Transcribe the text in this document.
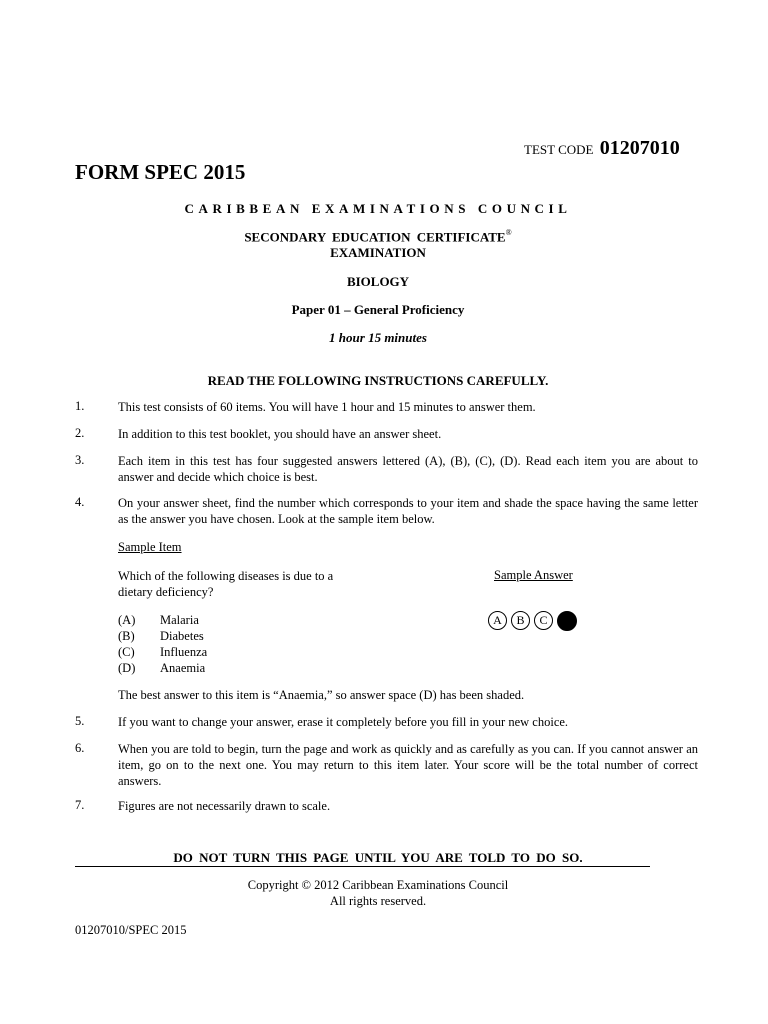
TEST CODE 01207010
FORM SPEC 2015
CARIBBEAN EXAMINATIONS COUNCIL
SECONDARY EDUCATION CERTIFICATE®
EXAMINATION
BIOLOGY
Paper 01 – General Proficiency
1 hour 15 minutes
READ THE FOLLOWING INSTRUCTIONS CAREFULLY.
1.	This test consists of 60 items. You will have 1 hour and 15 minutes to answer them.
2.	In addition to this test booklet, you should have an answer sheet.
3.	Each item in this test has four suggested answers lettered (A), (B), (C), (D). Read each item you are about to answer and decide which choice is best.
4.	On your answer sheet, find the number which corresponds to your item and shade the space having the same letter as the answer you have chosen. Look at the sample item below.
Sample Item
Which of the following diseases is due to a dietary deficiency?
Sample Answer
(A) Malaria
(B) Diabetes
(C) Influenza
(D) Anaemia
A	B	C
The best answer to this item is “Anaemia,” so answer space (D) has been shaded.
5.	If you want to change your answer, erase it completely before you fill in your new choice.
6.	When you are told to begin, turn the page and work as quickly and as carefully as you can. If you cannot answer an item, go on to the next one. You may return to this item later. Your score will be the total number of correct answers.
7.	Figures are not necessarily drawn to scale.
DO NOT TURN THIS PAGE UNTIL YOU ARE TOLD TO DO SO.
Copyright © 2012 Caribbean Examinations Council
All rights reserved.
01207010/SPEC 2015
